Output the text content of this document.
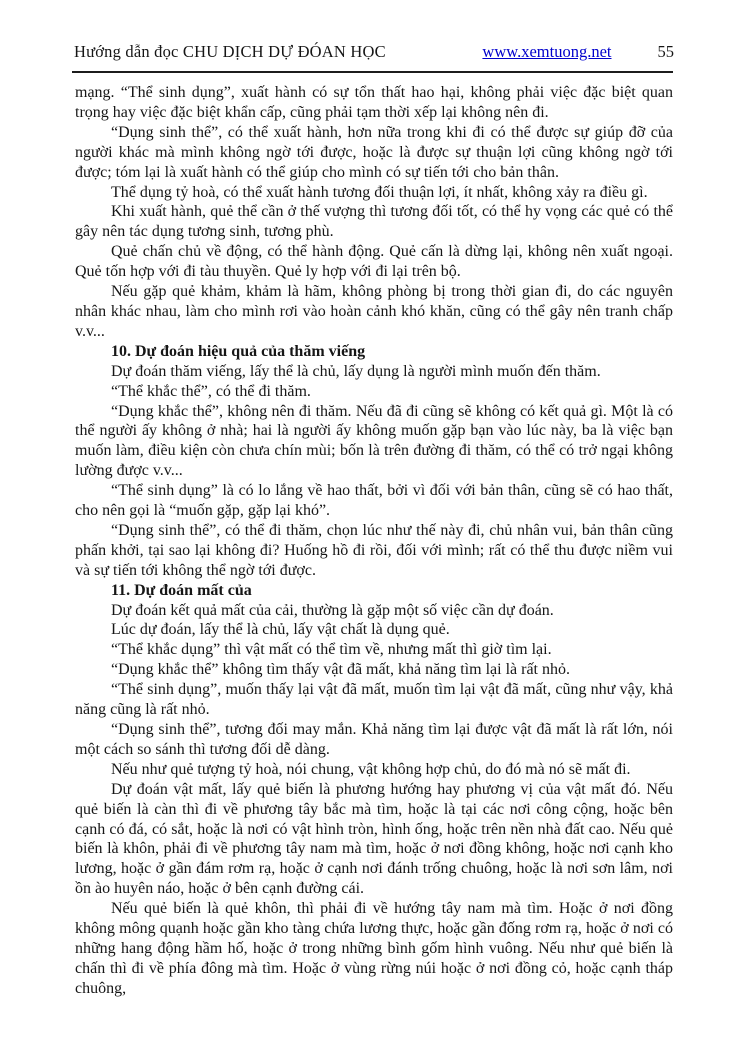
Hướng dẫn đọc CHU DỊCH DỰ ĐÓAN HỌC	www.xemtuong.net	55

mạng. “Thể sinh dụng”, xuất hành có sự tổn thất hao hại, không phải việc đặc biệt quan trọng hay việc đặc biệt khẩn cấp, cũng phải tạm thời xếp lại không nên đi.

“Dụng sinh thể”, có thể xuất hành, hơn nữa trong khi đi có thể được sự giúp đỡ của người khác mà mình không ngờ tới được, hoặc là được sự thuận lợi cũng không ngờ tới được; tóm lại là xuất hành có thể giúp cho mình có sự tiến tới cho bản thân.

Thể dụng tỷ hoà, có thể xuất hành tương đối thuận lợi, ít nhất, không xảy ra điều gì.

Khi xuất hành, quẻ thể cần ở thế vượng thì tương đối tốt, có thể hy vọng các quẻ có thể gây nên tác dụng tương sinh, tương phù.

Quẻ chấn chủ về động, có thể hành động. Quẻ cấn là dừng lại, không nên xuất ngoại. Quẻ tốn hợp với đi tàu thuyền. Quẻ ly hợp với đi lại trên bộ.

Nếu gặp quẻ khảm, khảm là hãm, không phòng bị trong thời gian đi, do các nguyên nhân khác nhau, làm cho mình rơi vào hoàn cảnh khó khăn, cũng có thể gây nên tranh chấp v.v...

10. Dự đoán hiệu quả của thăm viếng

Dự đoán thăm viếng, lấy thể là chủ, lấy dụng là người mình muốn đến thăm.

“Thể khắc thể”, có thể đi thăm.

“Dụng khắc thể”, không nên đi thăm. Nếu đã đi cũng sẽ không có kết quả gì. Một là có thể người ấy không ở nhà; hai là người ấy không muốn gặp bạn vào lúc này, ba là việc bạn muốn làm, điều kiện còn chưa chín mùi; bốn là trên đường đi thăm, có thể có trở ngại không lường được v.v...

“Thể sinh dụng” là có lo lắng về hao thất, bởi vì đối với bản thân, cũng sẽ có hao thất, cho nên gọi là “muốn gặp, gặp lại khó”.

“Dụng sinh thể”, có thể đi thăm, chọn lúc như thế này đi, chủ nhân vui, bản thân cũng phấn khởi, tại sao lại không đi? Huống hồ đi rồi, đối với mình; rất có thể thu được niềm vui và sự tiến tới không thể ngờ tới được.

11. Dự đoán mất của

Dự đoán kết quả mất của cải, thường là gặp một số việc cần dự đoán.

Lúc dự đoán, lấy thể là chủ, lấy vật chất là dụng quẻ.

“Thể khắc dụng” thì vật mất có thể tìm về, nhưng mất thì giờ tìm lại.

“Dụng khắc thể” không tìm thấy vật đã mất, khả năng tìm lại là rất nhỏ.

“Thể sinh dụng”, muốn thấy lại vật đã mất, muốn tìm lại vật đã mất, cũng như vậy, khả năng cũng là rất nhỏ.

“Dụng sinh thể”, tương đối may mắn. Khả năng tìm lại được vật đã mất là rất lớn, nói một cách so sánh thì tương đối dễ dàng.

Nếu như quẻ tượng tỷ hoà, nói chung, vật không hợp chủ, do đó mà nó sẽ mất đi.

Dự đoán vật mất, lấy quẻ biến là phương hướng hay phương vị của vật mất đó. Nếu quẻ biến là càn thì đi về phương tây bắc mà tìm, hoặc là tại các nơi công cộng, hoặc bên cạnh có đá, có sắt, hoặc là nơi có vật hình tròn, hình ống, hoặc trên nền nhà đất cao. Nếu quẻ biến là khôn, phải đi về phương tây nam mà tìm, hoặc ở nơi đồng không, hoặc nơi cạnh kho lương, hoặc ở gần đám rơm rạ, hoặc ở cạnh nơi đánh trống chuông, hoặc là nơi sơn lâm, nơi ồn ào huyên náo, hoặc ở bên cạnh đường cái.

Nếu quẻ biến là quẻ khôn, thì phải đi về hướng tây nam mà tìm. Hoặc ở nơi đồng không mông quạnh hoặc gần kho tàng chứa lương thực, hoặc gần đống rơm rạ, hoặc ở nơi có những hang động hầm hố, hoặc ở trong những bình gốm hình vuông. Nếu như quẻ biến là chấn thì đi về phía đông mà tìm. Hoặc ở vùng rừng núi hoặc ở nơi đồng cỏ, hoặc cạnh tháp chuông,
